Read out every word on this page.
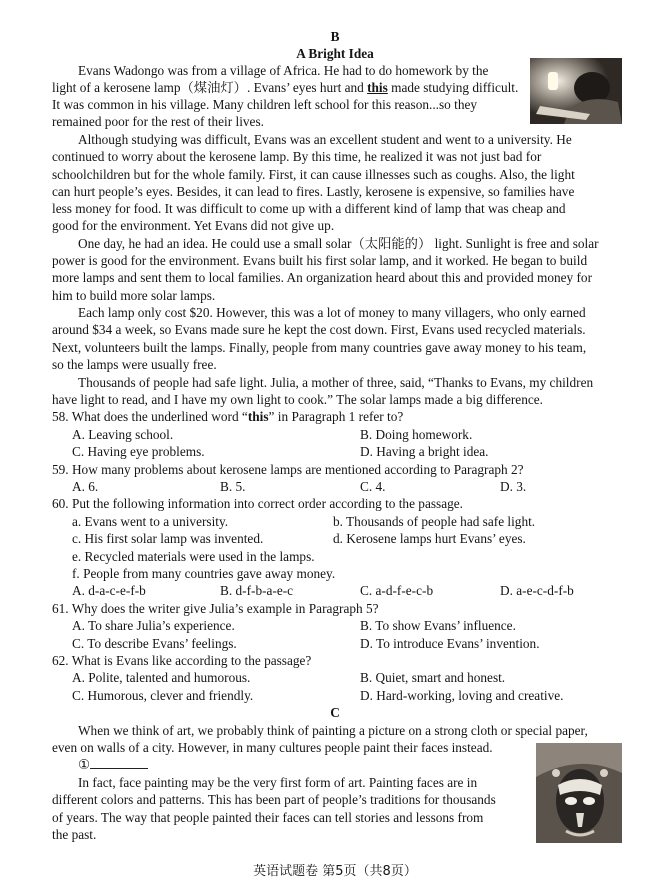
B
A Bright Idea
Evans Wadongo was from a village of Africa. He had to do homework by the
light of a kerosene lamp（煤油灯）. Evans’ eyes hurt and this made studying difficult.
It was common in his village. Many children left school for this reason...so they
remained poor for the rest of their lives.
Although studying was difficult, Evans was an excellent student and went to a university. He
continued to worry about the kerosene lamp. By this time, he realized it was not just bad for
schoolchildren but for the whole family. First, it can cause illnesses such as coughs. Also, the light
can hurt people’s eyes. Besides, it can lead to fires. Lastly, kerosene is expensive, so families have
less money for food. It was difficult to come up with a different kind of lamp that was cheap and
good for the environment. Yet Evans did not give up.
One day, he had an idea. He could use a small solar（太阳能的） light. Sunlight is free and solar
power is good for the environment. Evans built his first solar lamp, and it worked. He began to build
more lamps and sent them to local families. An organization heard about this and provided money for
him to build more solar lamps.
Each lamp only cost $20. However, this was a lot of money to many villagers, who only earned
around $34 a week, so Evans made sure he kept the cost down. First, Evans used recycled materials.
Next, volunteers built the lamps. Finally, people from many countries gave away money to his team,
so the lamps were usually free.
Thousands of people had safe light. Julia, a mother of three, said, “Thanks to Evans, my children
have light to read, and I have my own light to cook.” The solar lamps made a big difference.
58. What does the underlined word “this” in Paragraph 1 refer to?
A. Leaving school.	B. Doing homework.
C. Having eye problems.	D. Having a bright idea.
59. How many problems about kerosene lamps are mentioned according to Paragraph 2?
A. 6.	B. 5.	C. 4.	D. 3.
60. Put the following information into correct order according to the passage.
a. Evans went to a university.	b. Thousands of people had safe light.
c. His first solar lamp was invented.	d. Kerosene lamps hurt Evans’ eyes.
e. Recycled materials were used in the lamps.
f. People from many countries gave away money.
A. d-a-c-e-f-b	B. d-f-b-a-e-c	C. a-d-f-e-c-b	D. a-e-c-d-f-b
61. Why does the writer give Julia’s example in Paragraph 5?
A. To share Julia’s experience.	B. To show Evans’ influence.
C. To describe Evans’ feelings.	D. To introduce Evans’ invention.
62. What is Evans like according to the passage?
A. Polite, talented and humorous.	B. Quiet, smart and honest.
C. Humorous, clever and friendly.	D. Hard-working, loving and creative.
C
When we think of art, we probably think of painting a picture on a strong cloth or special paper,
even on walls of a city. However, in many cultures people paint their faces instead.
①
In fact, face painting may be the very first form of art. Painting faces are in
different colors and patterns. This has been part of people’s traditions for thousands
of years. The way that people painted their faces can tell stories and lessons from
the past.
英语试题卷 第5页（共8页）
